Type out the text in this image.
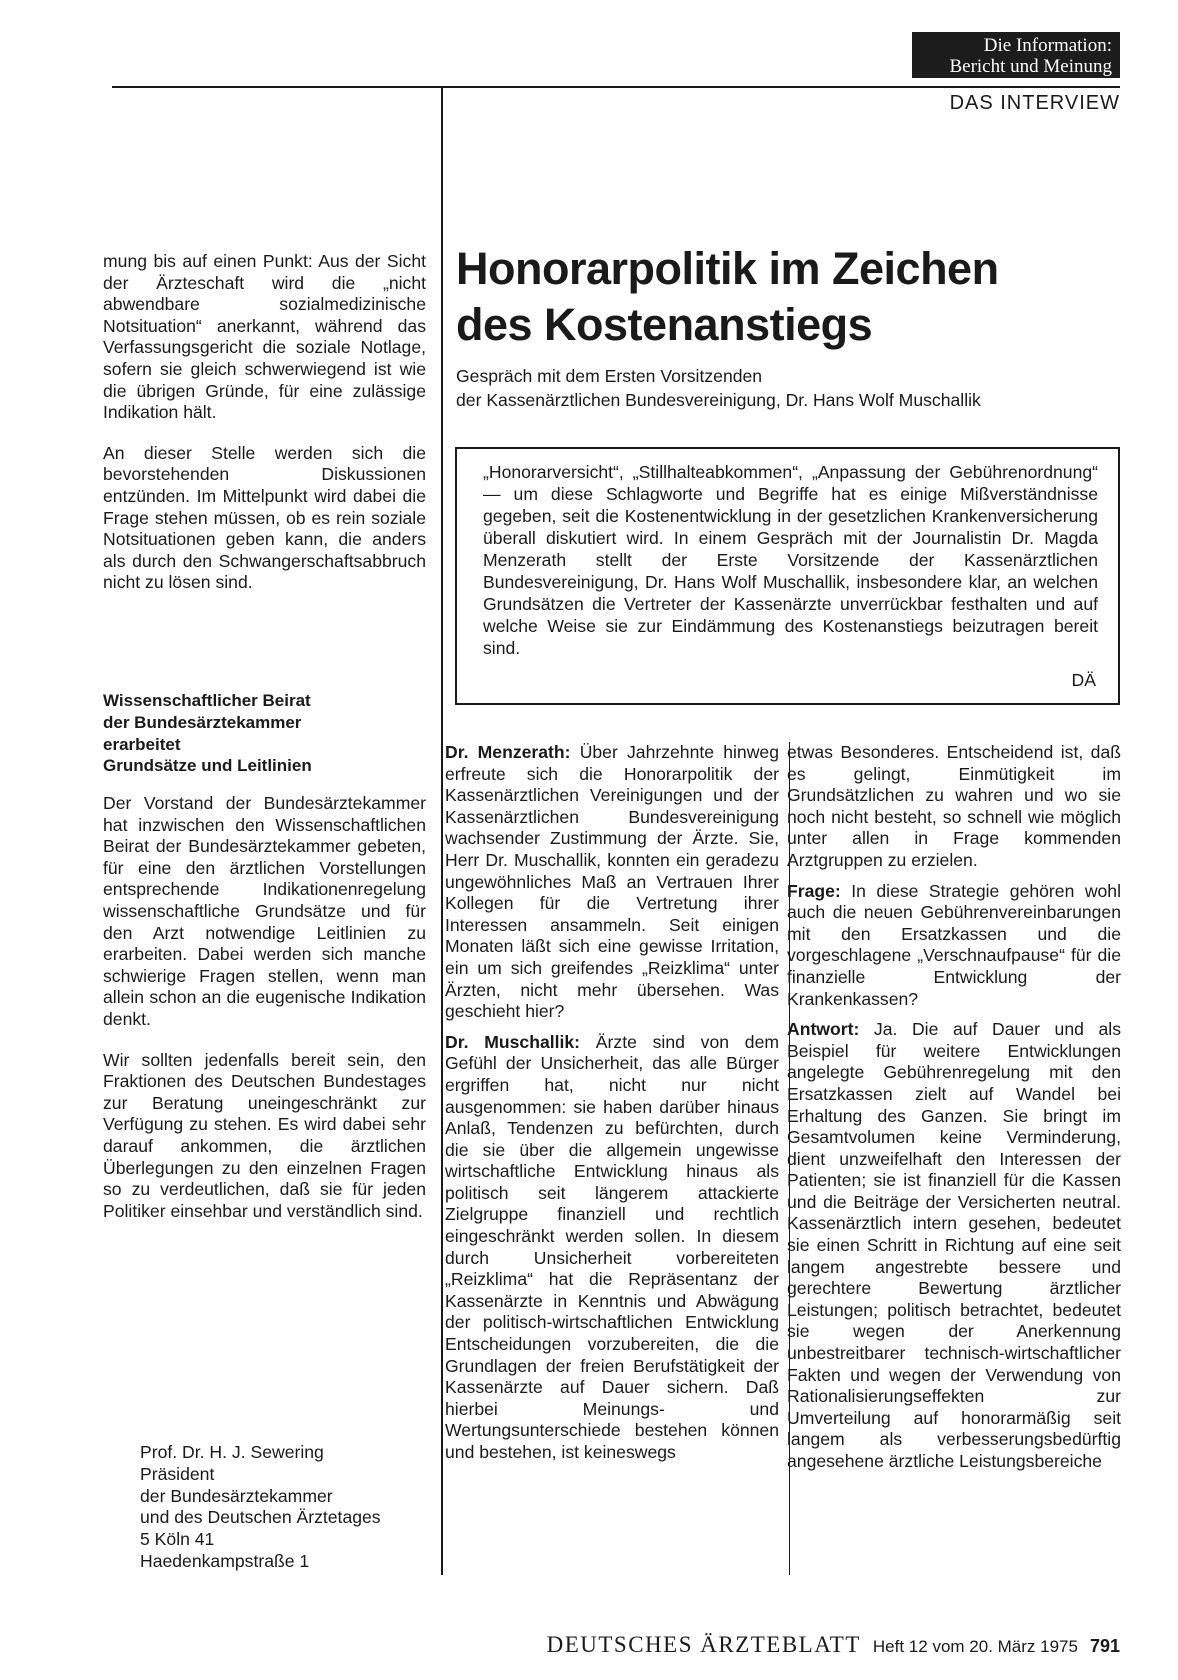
Die Information:
Bericht und Meinung
DAS INTERVIEW

mung bis auf einen Punkt: Aus der Sicht der Ärzteschaft wird die „nicht abwendbare sozialmedizinische Notsituation“ anerkannt, während das Verfassungsgericht die soziale Notlage, sofern sie gleich schwerwiegend ist wie die übrigen Gründe, für eine zulässige Indikation hält.

An dieser Stelle werden sich die bevorstehenden Diskussionen entzünden. Im Mittelpunkt wird dabei die Frage stehen müssen, ob es rein soziale Notsituationen geben kann, die anders als durch den Schwangerschaftsabbruch nicht zu lösen sind.

Wissenschaftlicher Beirat
der Bundesärztekammer
erarbeitet
Grundsätze und Leitlinien

Der Vorstand der Bundesärztekammer hat inzwischen den Wissenschaftlichen Beirat der Bundesärztekammer gebeten, für eine den ärztlichen Vorstellungen entsprechende Indikationenregelung wissenschaftliche Grundsätze und für den Arzt notwendige Leitlinien zu erarbeiten. Dabei werden sich manche schwierige Fragen stellen, wenn man allein schon an die eugenische Indikation denkt.

Wir sollten jedenfalls bereit sein, den Fraktionen des Deutschen Bundestages zur Beratung uneingeschränkt zur Verfügung zu stehen. Es wird dabei sehr darauf ankommen, die ärztlichen Überlegungen zu den einzelnen Fragen so zu verdeutlichen, daß sie für jeden Politiker einsehbar und verständlich sind.

Prof. Dr. H. J. Sewering
Präsident
der Bundesärztekammer
und des Deutschen Ärztetages
5 Köln 41
Haedenkampstraße 1
Honorarpolitik im Zeichen
des Kostenanstiegs
Gespräch mit dem Ersten Vorsitzenden
der Kassenärztlichen Bundesvereinigung, Dr. Hans Wolf Muschallik

„Honorarversicht“, „Stillhalteabkommen“, „Anpassung der Gebührenordnung“ — um diese Schlagworte und Begriffe hat es einige Mißverständnisse gegeben, seit die Kostenentwicklung in der gesetzlichen Krankenversicherung überall diskutiert wird. In einem Gespräch mit der Journalistin Dr. Magda Menzerath stellt der Erste Vorsitzende der Kassenärztlichen Bundesvereinigung, Dr. Hans Wolf Muschallik, insbesondere klar, an welchen Grundsätzen die Vertreter der Kassenärzte unverrückbar festhalten und auf welche Weise sie zur Eindämmung des Kostenanstiegs beizutragen bereit sind.

DÄ

Dr. Menzerath: Über Jahrzehnte hinweg erfreute sich die Honorarpolitik der Kassenärztlichen Vereinigungen und der Kassenärztlichen Bundesvereinigung wachsender Zustimmung der Ärzte. Sie, Herr Dr. Muschallik, konnten ein geradezu ungewöhnliches Maß an Vertrauen Ihrer Kollegen für die Vertretung ihrer Interessen ansammeln. Seit einigen Monaten läßt sich eine gewisse Irritation, ein um sich greifendes „Reizklima“ unter Ärzten, nicht mehr übersehen. Was geschieht hier?

Dr. Muschallik: Ärzte sind von dem Gefühl der Unsicherheit, das alle Bürger ergriffen hat, nicht nur nicht ausgenommen: sie haben darüber hinaus Anlaß, Tendenzen zu befürchten, durch die sie über die allgemein ungewisse wirtschaftliche Entwicklung hinaus als politisch seit längerem attackierte Zielgruppe finanziell und rechtlich eingeschränkt werden sollen. In diesem durch Unsicherheit vorbereiteten „Reizklima“ hat die Repräsentanz der Kassenärzte in Kenntnis und Abwägung der politisch-wirtschaftlichen Entwicklung Entscheidungen vorzubereiten, die die Grundlagen der freien Berufstätigkeit der Kassenärzte auf Dauer sichern. Daß hierbei Meinungs- und Wertungsunterschiede bestehen können und bestehen, ist keineswegs

etwas Besonderes. Entscheidend ist, daß es gelingt, Einmütigkeit im Grundsätzlichen zu wahren und wo sie noch nicht besteht, so schnell wie möglich unter allen in Frage kommenden Arztgruppen zu erzielen.

Frage: In diese Strategie gehören wohl auch die neuen Gebührenvereinbarungen mit den Ersatzkassen und die vorgeschlagene „Verschnaufpause“ für die finanzielle Entwicklung der Krankenkassen?

Antwort: Ja. Die auf Dauer und als Beispiel für weitere Entwicklungen angelegte Gebührenregelung mit den Ersatzkassen zielt auf Wandel bei Erhaltung des Ganzen. Sie bringt im Gesamtvolumen keine Verminderung, dient unzweifelhaft den Interessen der Patienten; sie ist finanziell für die Kassen und die Beiträge der Versicherten neutral. Kassenärztlich intern gesehen, bedeutet sie einen Schritt in Richtung auf eine seit langem angestrebte bessere und gerechtere Bewertung ärztlicher Leistungen; politisch betrachtet, bedeutet sie wegen der Anerkennung unbestreitbarer technisch-wirtschaftlicher Fakten und wegen der Verwendung von Rationalisierungseffekten zur Umverteilung auf honorarmäßig seit langem als verbesserungsbedürftig angesehene ärztliche Leistungsbereiche

DEUTSCHES ÄRZTEBLATT Heft 12 vom 20. März 1975 791
